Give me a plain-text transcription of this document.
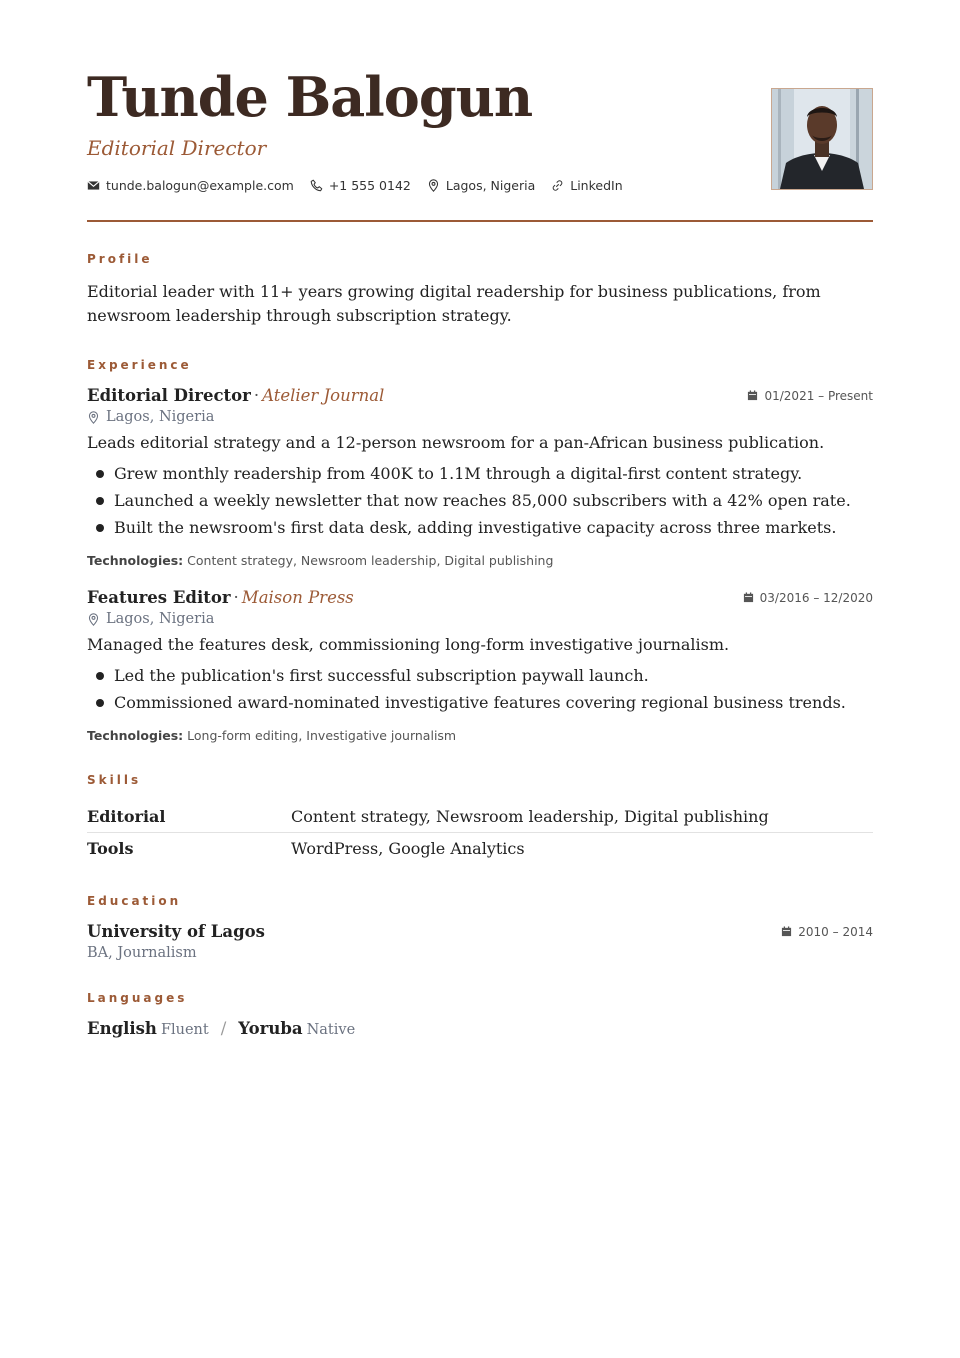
Tunde Balogun
Editorial Director
tunde.balogun@example.com	+1 555 0142	Lagos, Nigeria	LinkedIn
Profile
Editorial leader with 11+ years growing digital readership for business publications, from newsroom leadership through subscription strategy.
Experience
Editorial Director · Atelier Journal	01/2021 – Present
Lagos, Nigeria
Leads editorial strategy and a 12-person newsroom for a pan-African business publication.
Grew monthly readership from 400K to 1.1M through a digital-first content strategy.
Launched a weekly newsletter that now reaches 85,000 subscribers with a 42% open rate.
Built the newsroom's first data desk, adding investigative capacity across three markets.
Technologies: Content strategy, Newsroom leadership, Digital publishing
Features Editor · Maison Press	03/2016 – 12/2020
Lagos, Nigeria
Managed the features desk, commissioning long-form investigative journalism.
Led the publication's first successful subscription paywall launch.
Commissioned award-nominated investigative features covering regional business trends.
Technologies: Long-form editing, Investigative journalism
Skills
Editorial	Content strategy, Newsroom leadership, Digital publishing
Tools	WordPress, Google Analytics
Education
University of Lagos	2010 – 2014
BA, Journalism
Languages
English Fluent / Yoruba Native
